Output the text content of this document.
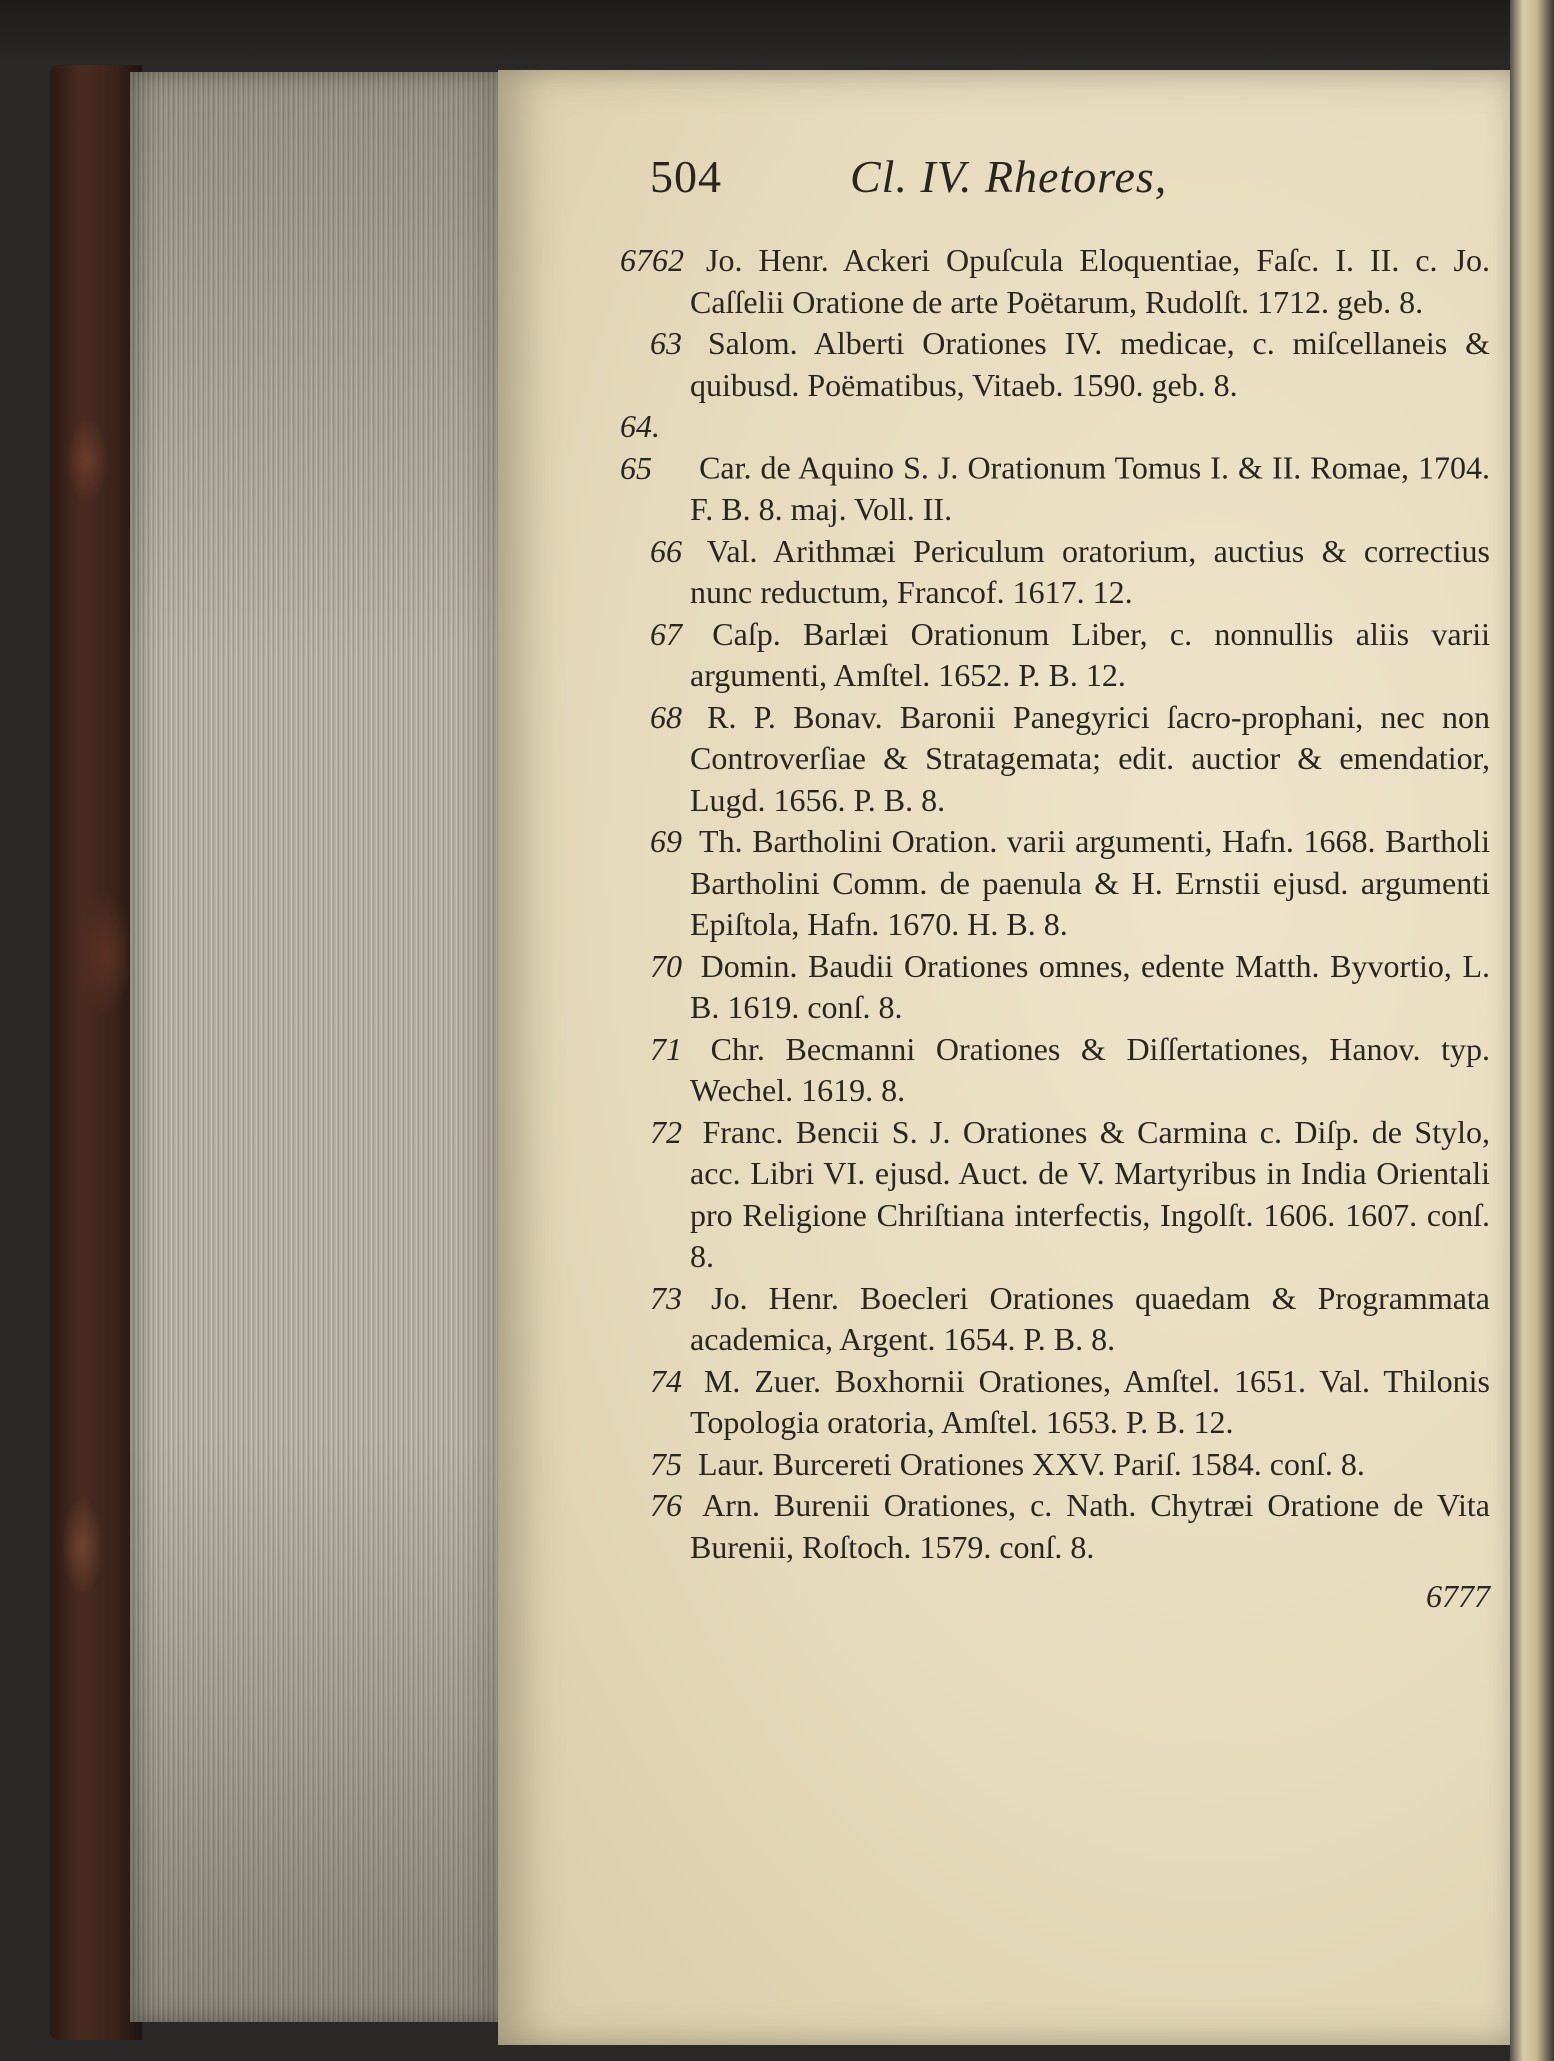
504	Cl. IV. Rhetores,

6762 Jo. Henr. Ackeri Opuſcula Eloquentiae, Faſc. I. II. c. Jo. Caſſelii Oratione de arte Poëtarum, Rudolſt. 1712. geb. 8.

63 Salom. Alberti Orationes IV. medicae, c. miſcellaneis & quibusd. Poëmatibus, Vitaeb. 1590. geb. 8.

64. 65 Car. de Aquino S. J. Orationum Tomus I. & II. Romae, 1704. F. B. 8. maj. Voll. II.

66 Val. Arithmæi Periculum oratorium, auctius & correctius nunc reductum, Francof. 1617. 12.

67 Caſp. Barlæi Orationum Liber, c. nonnullis aliis varii argumenti, Amſtel. 1652. P. B. 12.

68 R. P. Bonav. Baronii Panegyrici ſacro-prophani, nec non Controverſiae & Stratagemata; edit. auctior & emendatior, Lugd. 1656. P. B. 8.

69 Th. Bartholini Oration. varii argumenti, Hafn. 1668. Bartholi Bartholini Comm. de paenula & H. Ernstii ejusd. argumenti Epiſtola, Hafn. 1670. H. B. 8.

70 Domin. Baudii Orationes omnes, edente Matth. Byvortio, L. B. 1619. conſ. 8.

71 Chr. Becmanni Orationes & Diſſertationes, Hanov. typ. Wechel. 1619. 8.

72 Franc. Bencii S. J. Orationes & Carmina c. Diſp. de Stylo, acc. Libri VI. ejusd. Auct. de V. Martyribus in India Orientali pro Religione Chriſtiana interfectis, Ingolſt. 1606. 1607. conſ. 8.

73 Jo. Henr. Boecleri Orationes quaedam & Programmata academica, Argent. 1654. P. B. 8.

74 M. Zuer. Boxhornii Orationes, Amſtel. 1651. Val. Thilonis Topologia oratoria, Amſtel. 1653. P. B. 12.

75 Laur. Burcereti Orationes XXV. Pariſ. 1584. conſ. 8.

76 Arn. Burenii Orationes, c. Nath. Chytræi Oratione de Vita Burenii, Roſtoch. 1579. conſ. 8.

6777
